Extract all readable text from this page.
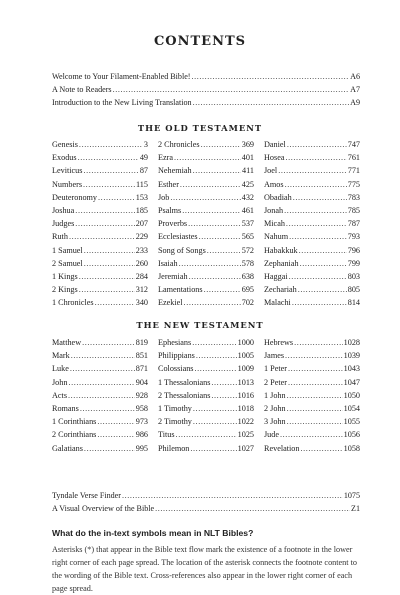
CONTENTS
Welcome to Your Filament-Enabled Bible! .....	A6
A Note to Readers .....	A7
Introduction to the New Living Translation .....	A9
THE OLD TESTAMENT
Genesis .....	3
Exodus .....	49
Leviticus .....	87
Numbers .....	115
Deuteronomy .....	153
Joshua .....	185
Judges .....	207
Ruth .....	229
1 Samuel .....	233
2 Samuel .....	260
1 Kings .....	284
2 Kings .....	312
1 Chronicles .....	340
2 Chronicles .....	369
Ezra .....	401
Nehemiah .....	411
Esther .....	425
Job .....	432
Psalms .....	461
Proverbs .....	537
Ecclesiastes .....	565
Song of Songs .....	572
Isaiah .....	578
Jeremiah .....	638
Lamentations .....	695
Ezekiel .....	702
Daniel .....	747
Hosea .....	761
Joel .....	771
Amos .....	775
Obadiah .....	783
Jonah .....	785
Micah .....	787
Nahum .....	793
Habakkuk .....	796
Zephaniah .....	799
Haggai .....	803
Zechariah .....	805
Malachi .....	814
THE NEW TESTAMENT
Matthew .....	819
Mark .....	851
Luke .....	871
John .....	904
Acts .....	928
Romans .....	958
1 Corinthians .....	973
2 Corinthians .....	986
Galatians .....	995
Ephesians .....	1000
Philippians .....	1005
Colossians .....	1009
1 Thessalonians .....	1013
2 Thessalonians .....	1016
1 Timothy .....	1018
2 Timothy .....	1022
Titus .....	1025
Philemon .....	1027
Hebrews .....	1028
James .....	1039
1 Peter .....	1043
2 Peter .....	1047
1 John .....	1050
2 John .....	1054
3 John .....	1055
Jude .....	1056
Revelation .....	1058
Tyndale Verse Finder .....	1075
A Visual Overview of the Bible .....	Z1
What do the in-text symbols mean in NLT Bibles?
Asterisks (*) that appear in the Bible text flow mark the existence of a footnote in the lower right corner of each page spread. The location of the asterisk connects the footnote content to the wording of the Bible text. Cross-references also appear in the lower right corner of each page spread.
